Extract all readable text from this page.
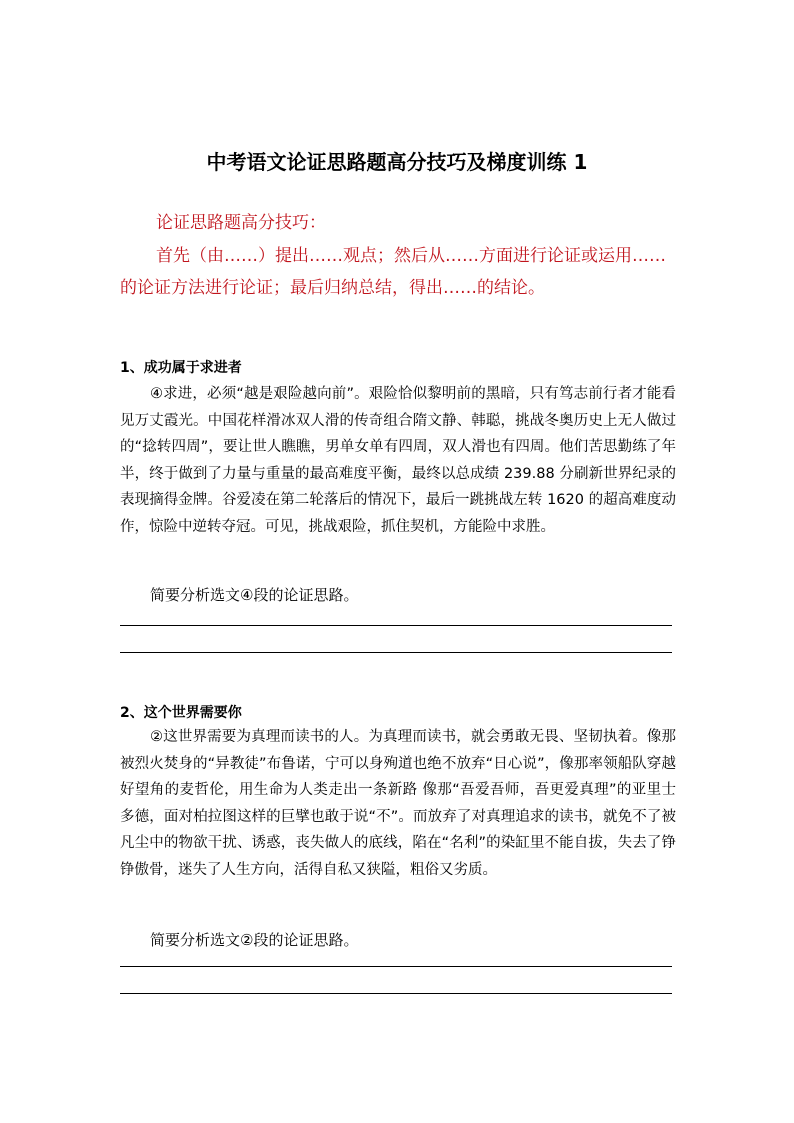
中考语文论证思路题高分技巧及梯度训练 1
论证思路题高分技巧：
首先（由……）提出……观点；然后从……方面进行论证或运用……的论证方法进行论证；最后归纳总结，得出……的结论。
1、成功属于求进者
④求进，必须“越是艰险越向前”。艰险恰似黎明前的黑暗，只有笃志前行者才能看见万丈霞光。中国花样滑冰双人滑的传奇组合隋文静、韩聪，挑战冬奥历史上无人做过的“捻转四周”，要让世人瞧瞧，男单女单有四周，双人滑也有四周。他们苦思勤练了年半，终于做到了力量与重量的最高难度平衡，最终以总成绩 239.88 分刷新世界纪录的表现摘得金牌。谷爱凌在第二轮落后的情况下，最后一跳挑战左转 1620 的超高难度动作，惊险中逆转夺冠。可见，挑战艰险，抓住契机，方能险中求胜。
简要分析选文④段的论证思路。
2、这个世界需要你
②这世界需要为真理而读书的人。为真理而读书，就会勇敢无畏、坚韧执着。像那被烈火焚身的“异教徒”布鲁诺，宁可以身殉道也绝不放弃“日心说”，像那率领船队穿越好望角的麦哲伦，用生命为人类走出一条新路 像那“吾爱吾师，吾更爱真理”的亚里士多德，面对柏拉图这样的巨擘也敢于说“不”。而放弃了对真理追求的读书，就免不了被凡尘中的物欲干扰、诱惑，丧失做人的底线，陷在“名利”的染缸里不能自拔，失去了铮铮傲骨，迷失了人生方向，活得自私又狭隘，粗俗又劣质。
简要分析选文②段的论证思路。
